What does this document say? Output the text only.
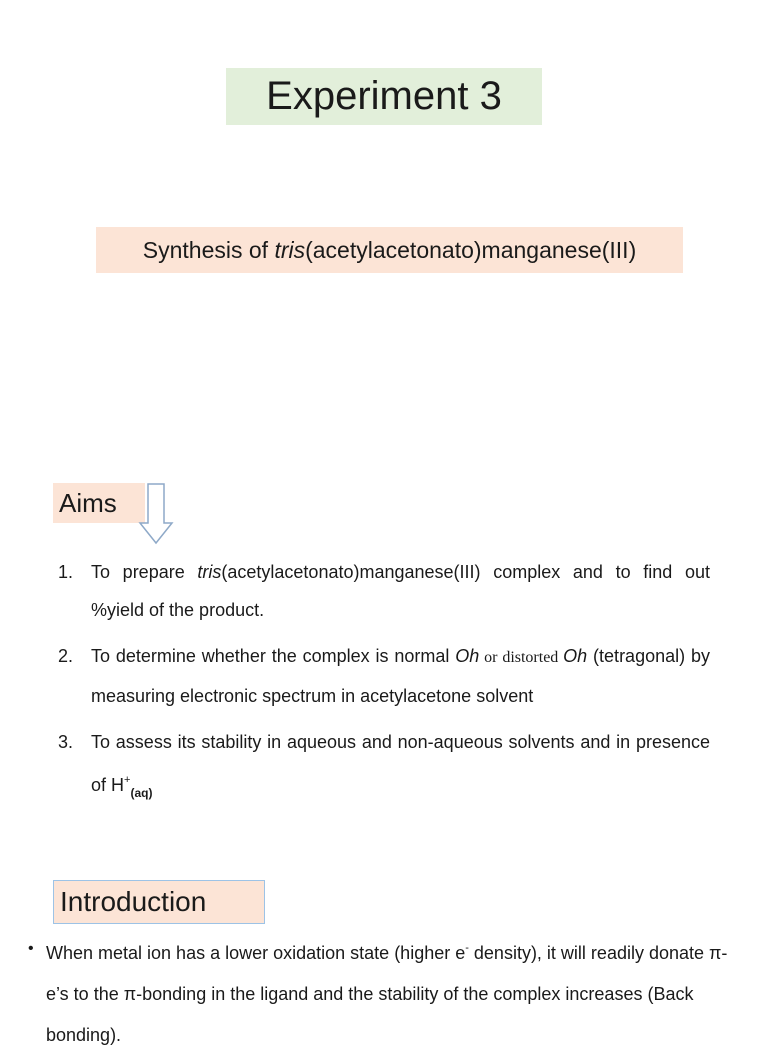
Experiment 3
Synthesis of tris (acetylacetonato)manganese(III)
Aims
1. To prepare tris(acetylacetonato)manganese(III) complex and to find out %yield of the product.
2. To determine whether the complex is normal Oh or distorted Oh (tetragonal) by measuring electronic spectrum in acetylacetone solvent
3. To assess its stability in aqueous and non-aqueous solvents and in presence of $H^+_{(aq)}$
Introduction
• When metal ion has a lower oxidation state (higher e- density), it will readily donate π-e’s to the π-bonding in the ligand and the stability of the complex increases (Back bonding).
